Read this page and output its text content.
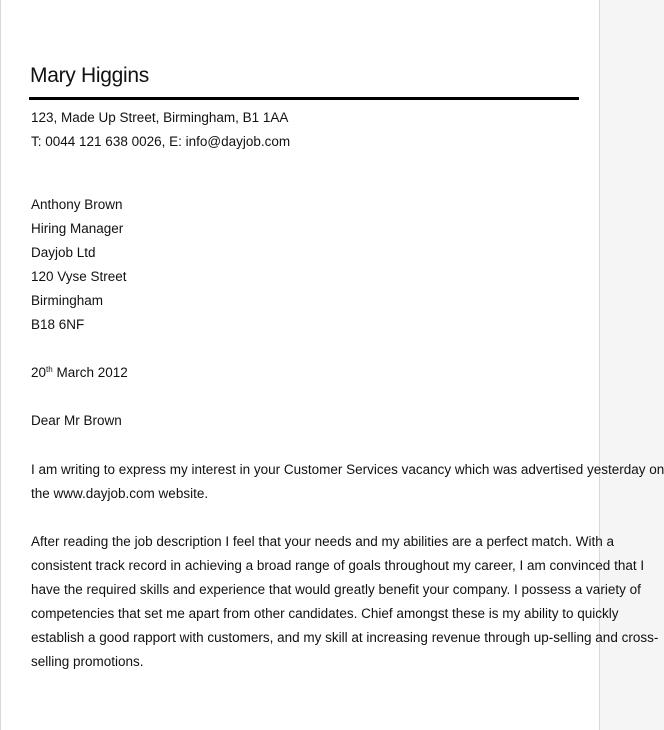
Mary Higgins
123, Made Up Street, Birmingham, B1 1AA
T: 0044 121 638 0026, E: info@dayjob.com
Anthony Brown
Hiring Manager
Dayjob Ltd
120 Vyse Street
Birmingham
B18 6NF
20th March 2012
Dear Mr Brown
I am writing to express my interest in your Customer Services vacancy which was advertised yesterday on
the www.dayjob.com website.
After reading the job description I feel that your needs and my abilities are a perfect match. With a
consistent track record in achieving a broad range of goals throughout my career, I am convinced that I
have the required skills and experience that would greatly benefit your company. I possess a variety of
competencies that set me apart from other candidates. Chief amongst these is my ability to quickly
establish a good rapport with customers, and my skill at increasing revenue through up-selling and cross-
selling promotions.
